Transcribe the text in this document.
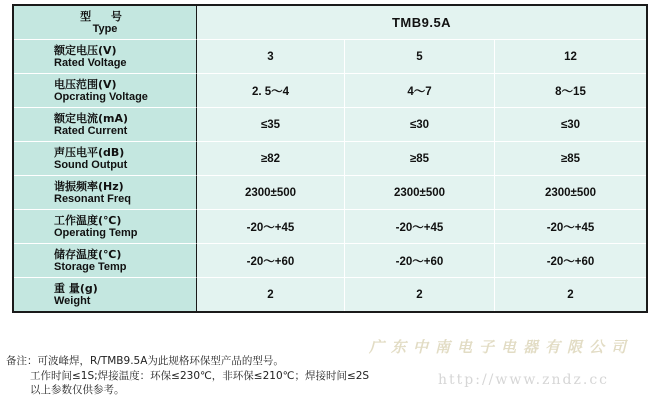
型 号
Type	TMB9.5A		

额定电压(V)
Rated Voltage	3	5	12

电压范围(V)
Opcrating Voltage	2. 5～4	4～7	8～15

额定电流(mA)
Rated Current	≤35	≤30	≤30

声压电平(dB)
Sound Output	≥82	≥85	≥85

谐振频率(Hz)
Resonant Freq	2300±500	2300±500	2300±500

工作温度(℃)
Operating Temp	-20～+45	-20～+45	-20～+45

储存温度(℃)
Storage Temp	-20～+60	-20～+60	-20～+60

重 量(g)
Weight	2	2	2
广东中南电子电器有限公司
备注：可波峰焊，R/TMB9.5A为此规格环保型产品的型号。
工作时间≤1S;焊接温度：环保≤230℃，非环保≤210℃；焊接时间≤2S
以上参数仅供参考。
http://www.zndz.cc
